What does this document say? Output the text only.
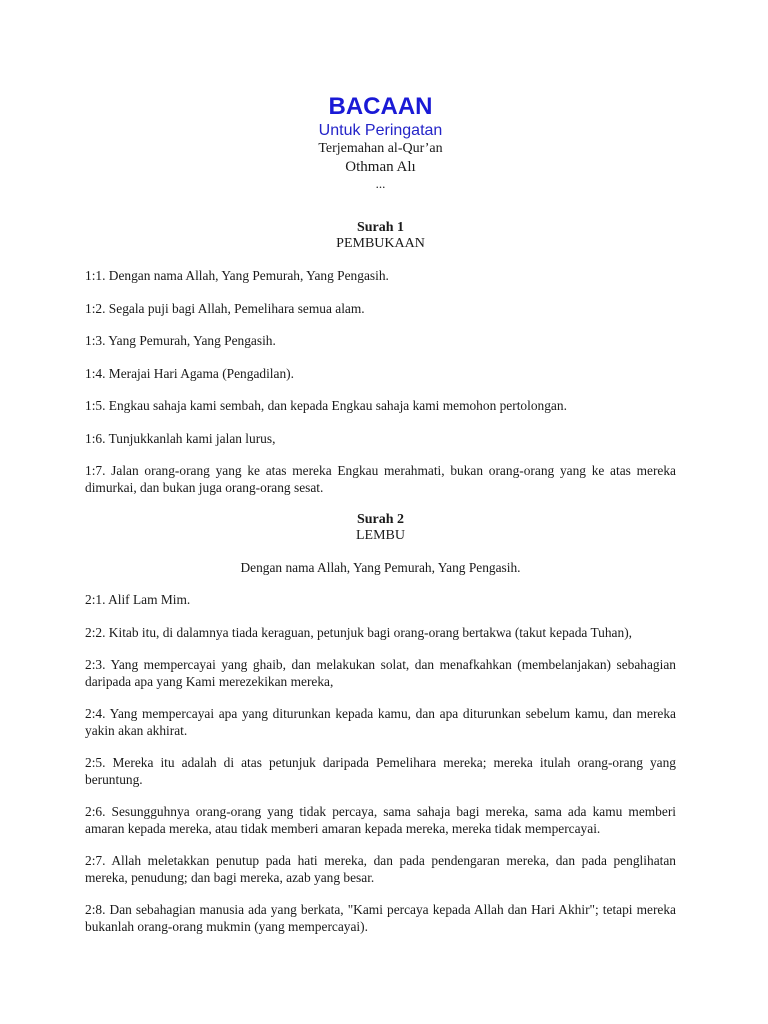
BACAAN
Untuk Peringatan
Terjemahan al-Qur’an
Othman Alı
...
Surah 1
PEMBUKAAN

1:1. Dengan nama Allah, Yang Pemurah, Yang Pengasih.

1:2. Segala puji bagi Allah, Pemelihara semua alam.

1:3. Yang Pemurah, Yang Pengasih.

1:4. Merajai Hari Agama (Pengadilan).

1:5. Engkau sahaja kami sembah, dan kepada Engkau sahaja kami memohon pertolongan.

1:6. Tunjukkanlah kami jalan lurus,

1:7. Jalan orang-orang yang ke atas mereka Engkau merahmati, bukan orang-orang yang ke atas mereka dimurkai, dan bukan juga orang-orang sesat.

Surah 2
LEMBU

Dengan nama Allah, Yang Pemurah, Yang Pengasih.

2:1. Alif Lam Mim.

2:2. Kitab itu, di dalamnya tiada keraguan, petunjuk bagi orang-orang bertakwa (takut kepada Tuhan),

2:3. Yang mempercayai yang ghaib, dan melakukan solat, dan menafkahkan (membelanjakan) sebahagian daripada apa yang Kami merezekikan mereka,

2:4. Yang mempercayai apa yang diturunkan kepada kamu, dan apa diturunkan sebelum kamu, dan mereka yakin akan akhirat.

2:5. Mereka itu adalah di atas petunjuk daripada Pemelihara mereka; mereka itulah orang-orang yang beruntung.

2:6. Sesungguhnya orang-orang yang tidak percaya, sama sahaja bagi mereka, sama ada kamu memberi amaran kepada mereka, atau tidak memberi amaran kepada mereka, mereka tidak mempercayai.

2:7. Allah meletakkan penutup pada hati mereka, dan pada pendengaran mereka, dan pada penglihatan mereka, penudung; dan bagi mereka, azab yang besar.

2:8. Dan sebahagian manusia ada yang berkata, "Kami percaya kepada Allah dan Hari Akhir"; tetapi mereka bukanlah orang-orang mukmin (yang mempercayai).
